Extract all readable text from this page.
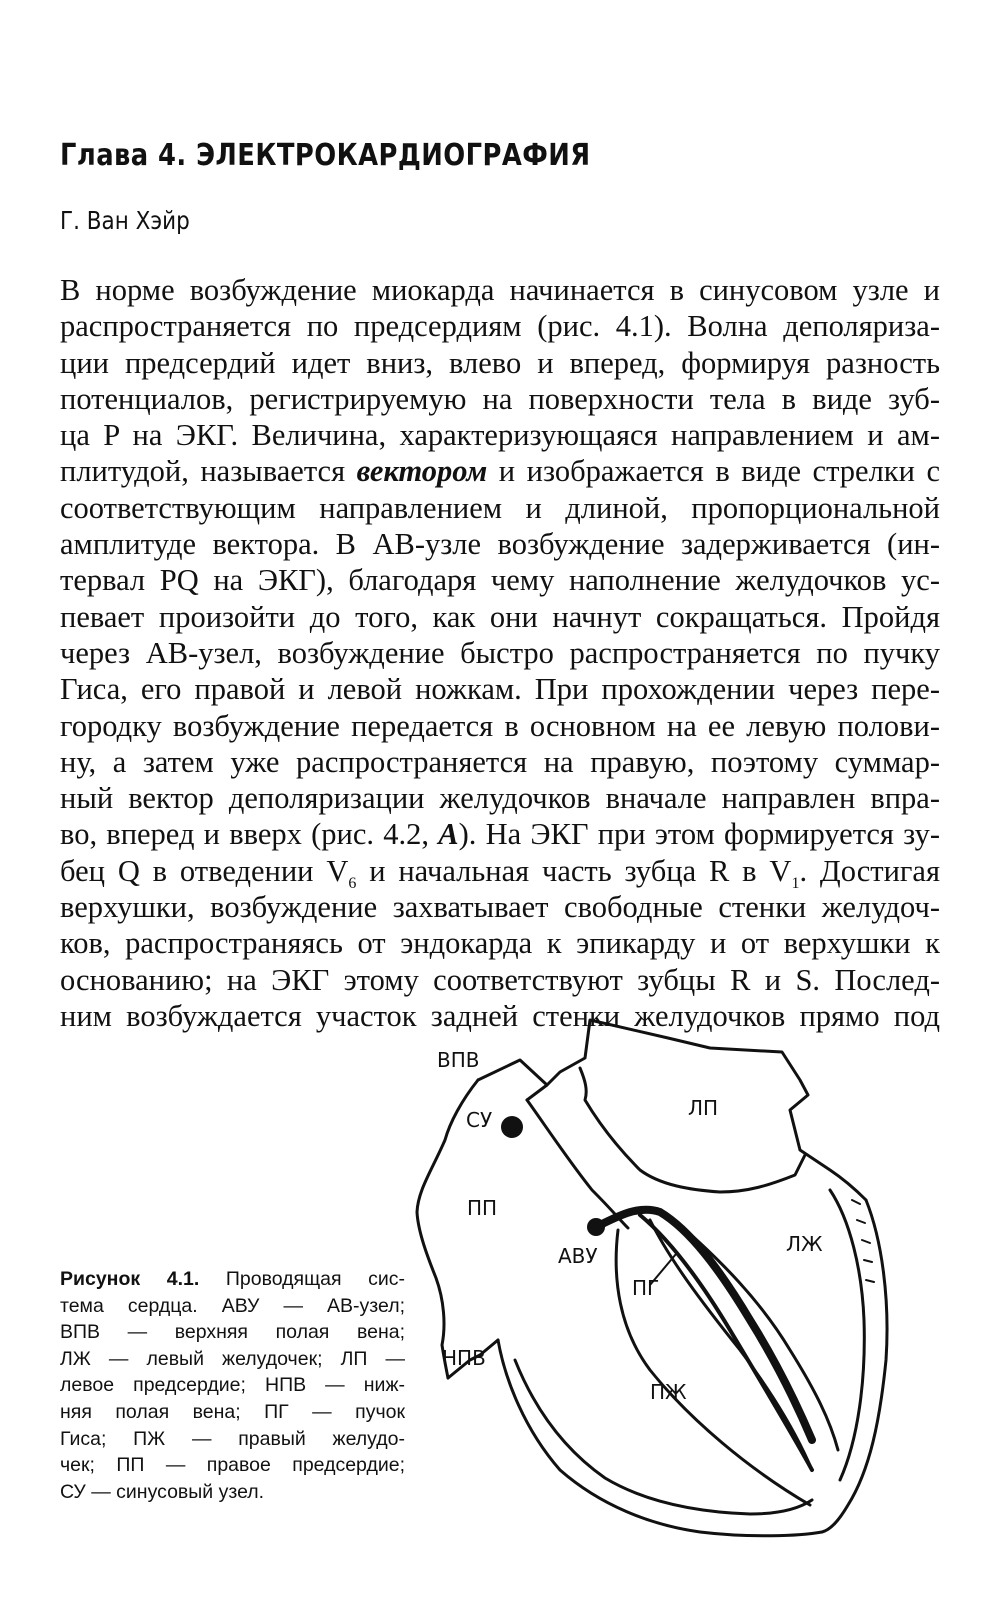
Глава 4. ЭЛЕКТРОКАРДИОГРАФИЯ
Г. Ван Хэйр
В норме возбуждение миокарда начинается в синусовом узле и
распространяется по предсердиям (рис. 4.1). Волна деполяриза-
ции предсердий идет вниз, влево и вперед, формируя разность
потенциалов, регистрируемую на поверхности тела в виде зуб-
ца P на ЭКГ. Величина, характеризующаяся направлением и ам-
плитудой, называется вектором и изображается в виде стрелки с
соответствующим направлением и длиной, пропорциональной
амплитуде вектора. В АВ-узле возбуждение задерживается (ин-
тервал PQ на ЭКГ), благодаря чему наполнение желудочков ус-
певает произойти до того, как они начнут сокращаться. Пройдя
через АВ-узел, возбуждение быстро распространяется по пучку
Гиса, его правой и левой ножкам. При прохождении через пере-
городку возбуждение передается в основном на ее левую полови-
ну, а затем уже распространяется на правую, поэтому суммар-
ный вектор деполяризации желудочков вначале направлен впра-
во, вперед и вверх (рис. 4.2, А). На ЭКГ при этом формируется зу-
бец Q в отведении $V_6$ и начальная часть зубца R в $V_1$. Достигая
верхушки, возбуждение захватывает свободные стенки желудоч-
ков, распространяясь от эндокарда к эпикарду и от верхушки к
основанию; на ЭКГ этому соответствуют зубцы R и S. Послед-
ним возбуждается участок задней стенки желудочков прямо под
ВПВ
СУ	ЛП
ПП
АВУ
ПГ
ЛЖ
НПВ
ПЖ
Рисунок 4.1. Проводящая сис-
тема сердца. АВУ — АВ-узел;
ВПВ — верхняя полая вена;
ЛЖ — левый желудочек; ЛП —
левое предсердие; НПВ — ниж-
няя полая вена; ПГ — пучок
Гиса; ПЖ — правый желудо-
чек; ПП — правое предсердие;
СУ — синусовый узел.
